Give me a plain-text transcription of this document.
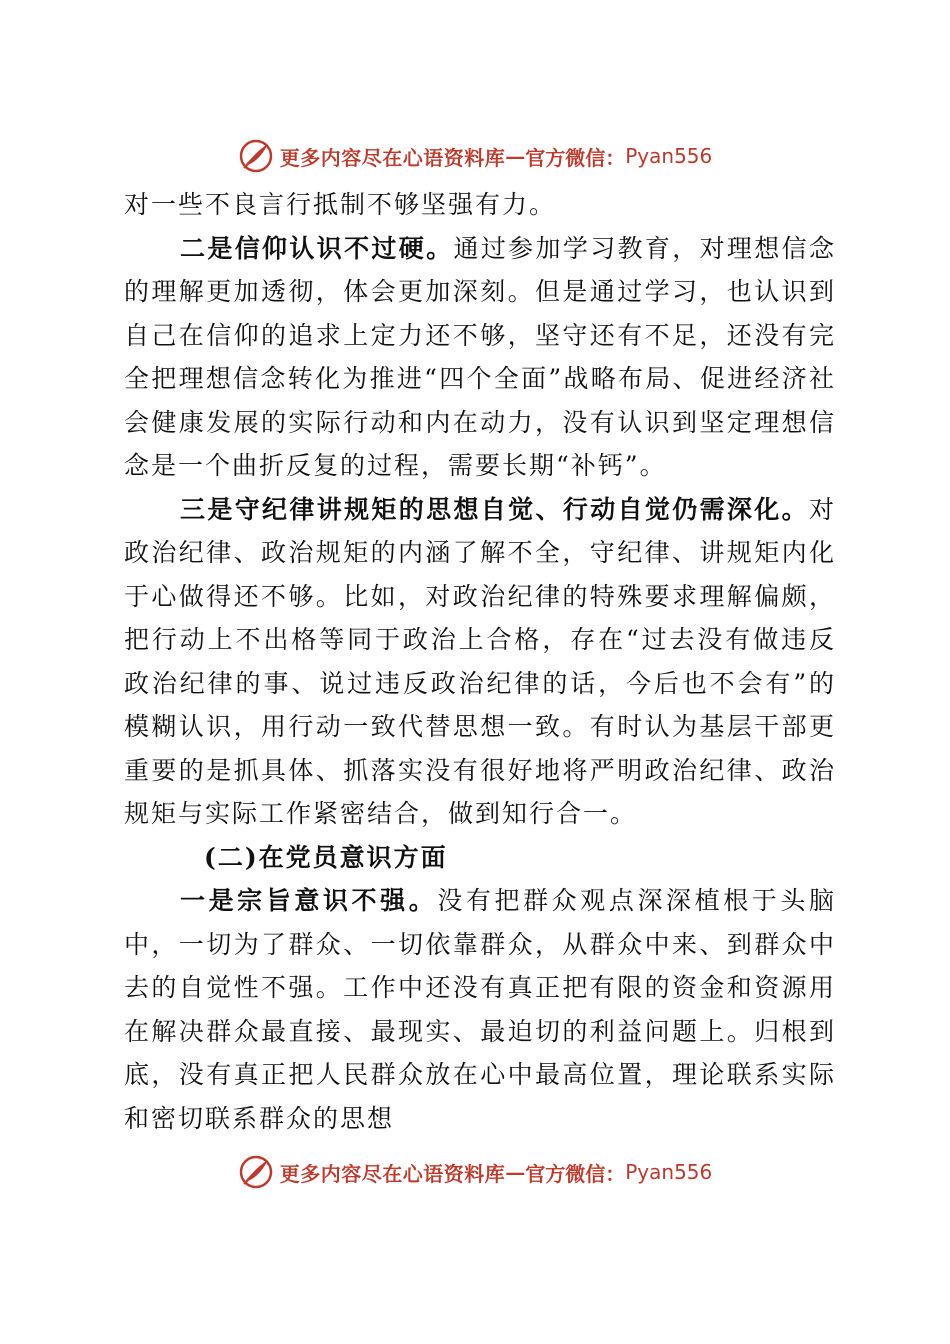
更多内容尽在心语资料库 — 官方微信： Pyan556

对一些不良言行抵制不够坚强有力。

二是信仰认识不过硬。通过参加学习教育，对理想信念的理解更加透彻，体会更加深刻。但是通过学习，也认识到自己在信仰的追求上定力还不够，坚守还有不足，还没有完全把理想信念转化为推进“四个全面”战略布局、促进经济社会健康发展的实际行动和内在动力，没有认识到坚定理想信念是一个曲折反复的过程，需要长期“补钙”。

三是守纪律讲规矩的思想自觉、行动自觉仍需深化。对政治纪律、政治规矩的内涵了解不全，守纪律、讲规矩内化于心做得还不够。比如，对政治纪律的特殊要求理解偏颇，把行动上不出格等同于政治上合格，存在“过去没有做违反政治纪律的事、说过违反政治纪律的话，今后也不会有”的模糊认识，用行动一致代替思想一致。有时认为基层干部更重要的是抓具体、抓落实没有很好地将严明政治纪律、政治规矩与实际工作紧密结合，做到知行合一。

(二)在党员意识方面

一是宗旨意识不强。没有把群众观点深深植根于头脑中，一切为了群众、一切依靠群众，从群众中来、到群众中去的自觉性不强。工作中还没有真正把有限的资金和资源用在解决群众最直接、最现实、最迫切的利益问题上。归根到底，没有真正把人民群众放在心中最高位置，理论联系实际和密切联系群众的思想

更多内容尽在心语资料库 — 官方微信： Pyan556
